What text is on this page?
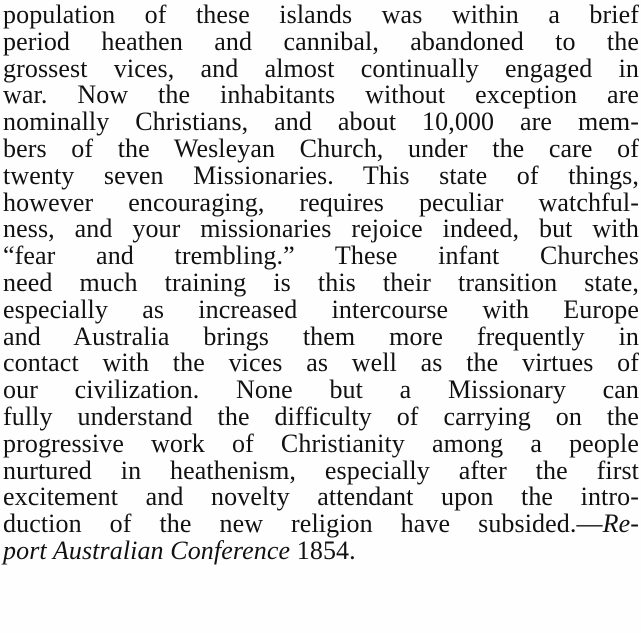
population of these islands was within a brief
period heathen and cannibal, abandoned to the
grossest vices, and almost continually engaged in
war. Now the inhabitants without exception are
nominally Christians, and about 10,000 are mem-
bers of the Wesleyan Church, under the care of
twenty seven Missionaries. This state of things,
however encouraging, requires peculiar watchful-
ness, and your missionaries rejoice indeed, but with
“fear and trembling.” These infant Churches
need much training is this their transition state,
especially as increased intercourse with Europe
and Australia brings them more frequently in
contact with the vices as well as the virtues of
our civilization. None but a Missionary can
fully understand the difficulty of carrying on the
progressive work of Christianity among a people
nurtured in heathenism, especially after the first
excitement and novelty attendant upon the intro-
duction of the new religion have subsided.—Re-
port Australian Conference 1854.
